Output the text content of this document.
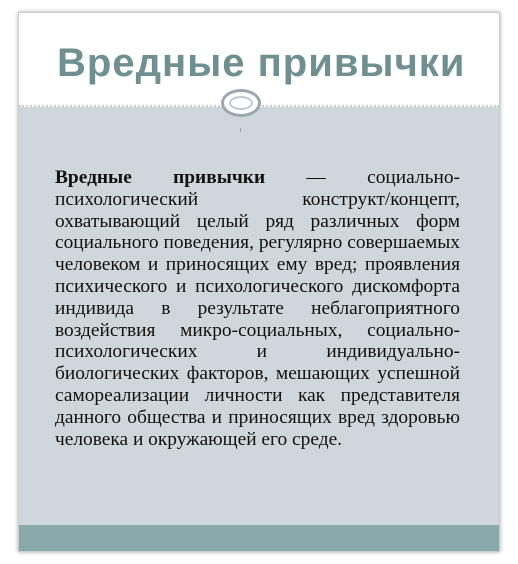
Вредные привычки
Вредные привычки — социально-психологический конструкт/концепт, охватывающий целый ряд различных форм социального поведения, регулярно совершаемых человеком и приносящих ему вред; проявления психического и психологического дискомфорта индивида в результате неблагоприятного воздействия микро-социальных, социально-психологических и индивидуально-биологических факторов, мешающих успешной самореализации личности как представителя данного общества и приносящих вред здоровью человека и окружающей его среде.
